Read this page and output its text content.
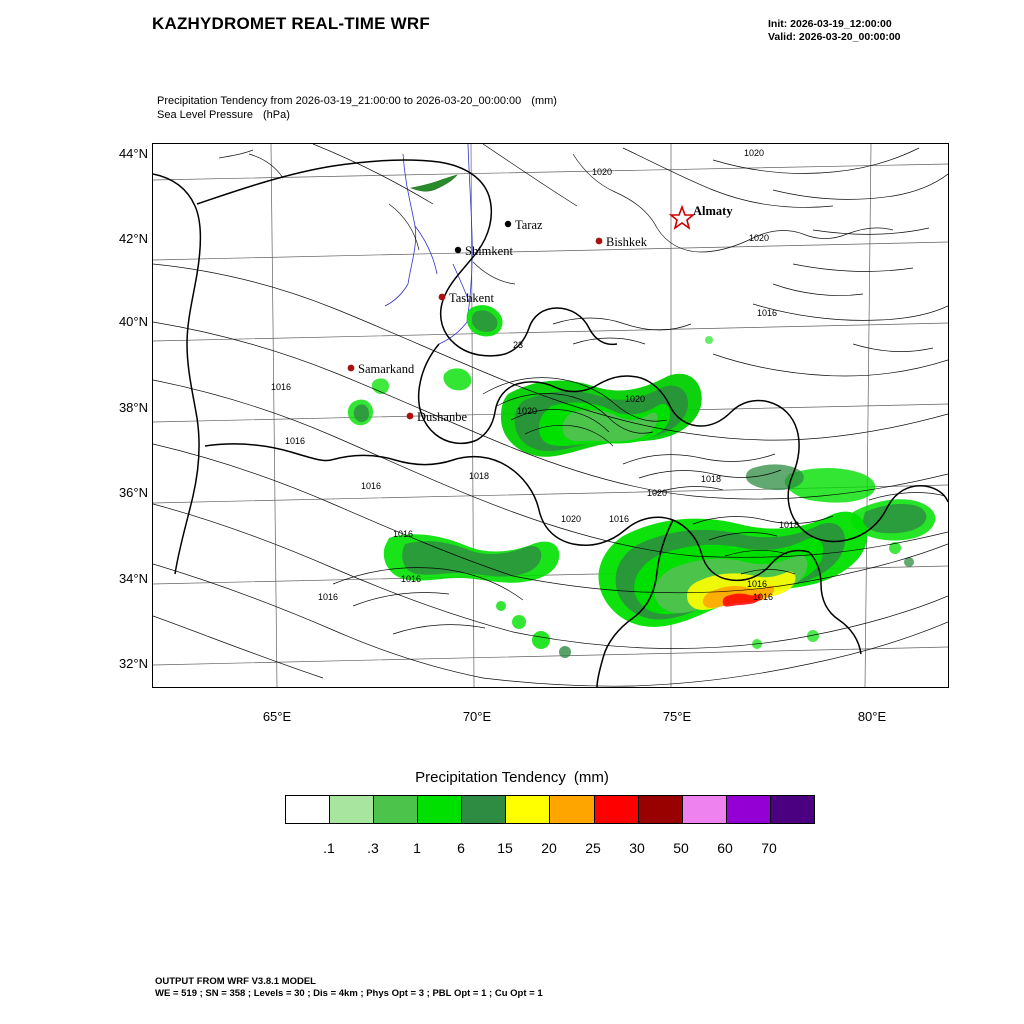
KAZHYDROMET REAL-TIME WRF	Init: 2026-03-19_12:00:00
Valid: 2026-03-20_00:00:00
Precipitation Tendency from 2026-03-19_21:00:00 to 2026-03-20_00:00:00 (mm)
Sea Level Pressure (hPa)
1020
1020
1020
1016
1016
1016
1016
1016
1016
1016
1018
1020
1020
1020	1016
1020
1018
1018
1016
1016
23
Almaty
Taraz
Shimkent
Bishkek
Tashkent
Samarkand
Dushanbe
44°N
42°N
40°N
38°N
36°N
34°N
32°N
65°E	70°E	75°E	80°E
Precipitation Tendency (mm)
.1 .3 1	6 15 20 25 30 50 60 70
OUTPUT FROM WRF V3.8.1 MODEL
WE = 519 ; SN = 358 ; Levels = 30 ; Dis = 4km ; Phys Opt = 3 ; PBL Opt = 1 ; Cu Opt = 1
